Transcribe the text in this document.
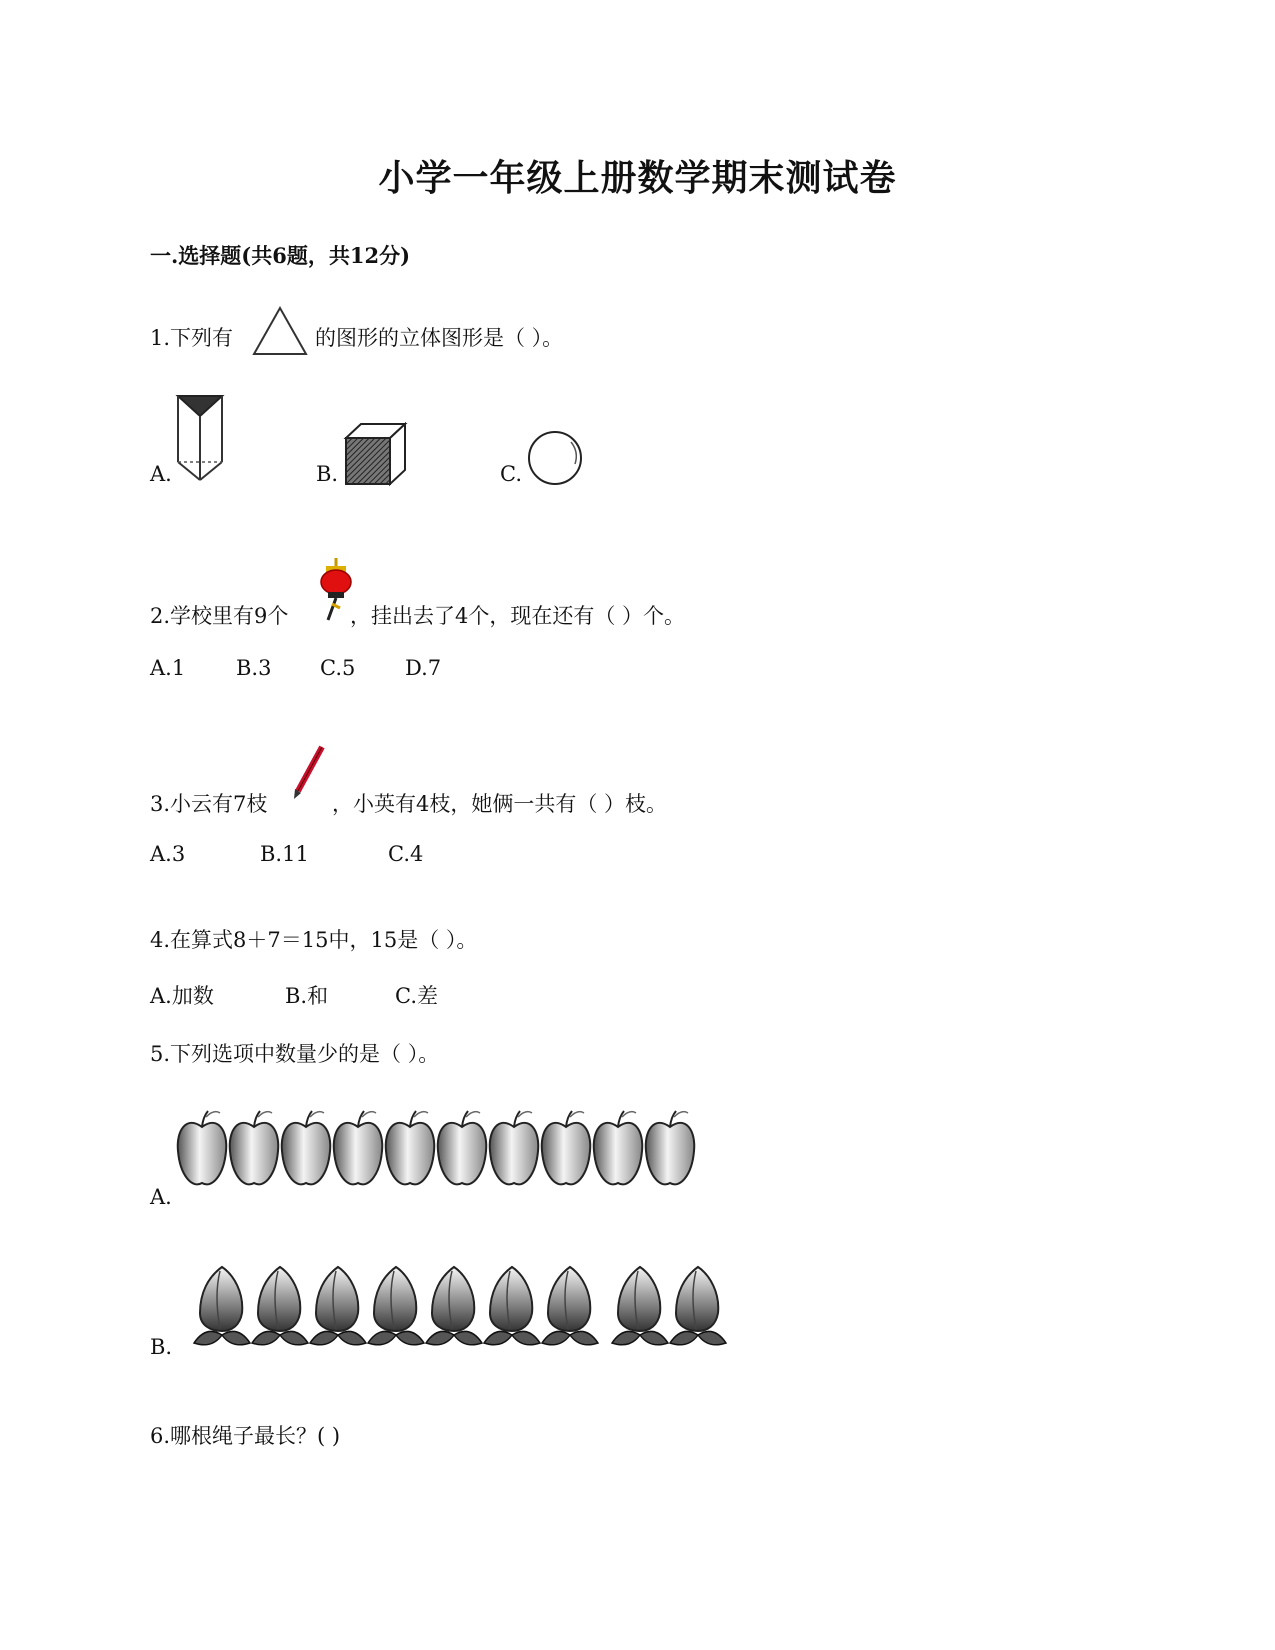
小学一年级上册数学期末测试卷
一.选择题(共6题，共12分)
1.下列有	的图形的立体图形是（ ）。
A.	B.	C.
2.学校里有9个	，挂出去了4个，现在还有（ ）个。
A.1 B.3 C.5 D.7
3.小云有7枝	，小英有4枝，她俩一共有（ ）枝。
A.3	B.11	C.4
4.在算式8＋7＝15中，15是（ ）。
A.加数	B.和	C.差
5.下列选项中数量少的是（ ）。
A.
B.
6.哪根绳子最长？( )
